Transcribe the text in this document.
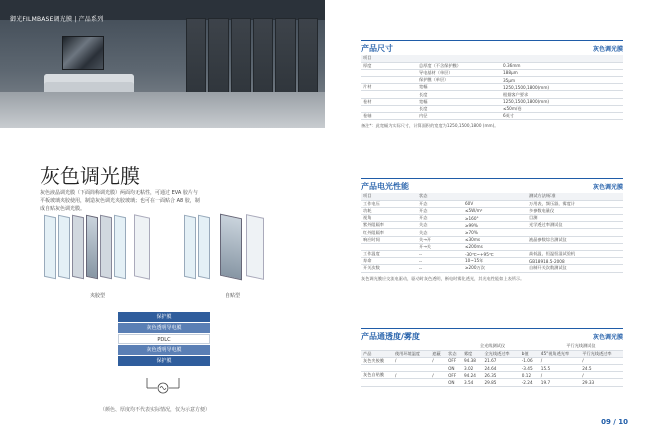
御光FILMBASE调光膜 | 产品系列
灰色调光膜
灰色液晶调光膜（下面简称调光膜）两面均无粘性，可通过 EVA 胶片与平板玻璃夹胶使用，制造灰色调光夹胶玻璃；也可在一面贴合 A8 胶，制成自贴灰色调光膜。
夹胶型	自贴型
保护膜
灰色透明导电膜
PDLC
灰色透明导电膜
保护膜
（颜色、厚度均不代表实际情况，仅为示意方便）
产品尺寸	灰色调光膜
项目		
厚度	总厚度（不含保护膜）	0.36mm
	导电基材（单层）	188μm
	保护膜（单层）	35μm
片材	宽幅	1250,1500,1800(mm)
	长度	根据客户要求
卷材	宽幅	1250,1500,1800(mm)
	长度	≤50m/卷
卷轴	内径	6英寸
备注*：此宽幅为实际尺寸，计算面积的宽度为1250,1500,1800 (mm)。
产品电光性能	灰色调光膜
项目	状态		测试方法/标准
工作电压	开态	60V	万用表，频压器，雾度计
功耗	开态	≤5W/m²	多参数电量仪
视角	开态	≥160°	目测
紫外阻隔率	关态	≥99%	光学透过率测试仪
红外阻隔率	关态	≥70%	
响应时间	关→开	≤30ms	液晶参数综合测试仪
	开→关	≤200ms	
工作温度	--	-30℃~+95℃	高低温，恒温恒湿试验机
寿命	--	10~15年	GB18918.5-2008
开关次数	--	≥200万次	自制开关次数测试仪
灰色调光膜应交流电驱动，驱动时灰色透明，断电时雾化透光，其光电性能如上表所示。
产品通透度/雾度	灰色调光膜
			全光线测试仪				平行光线测试仪	
产品	使用环境温度	遮蔽	状态	雾度	全光线透过率	b值	45°视角透光率	平行光线透过率
灰色夹胶膜	/	/	OFF	94.38	21.67	-1.06	/	/
			ON	3.02	24.64	-3.45	15.5	24.5
灰色自贴膜	/	/	OFF	94.24	26.35	0.12	/	/
			ON	3.54	29.85	-2.24	19.7	29.33
09 / 10
